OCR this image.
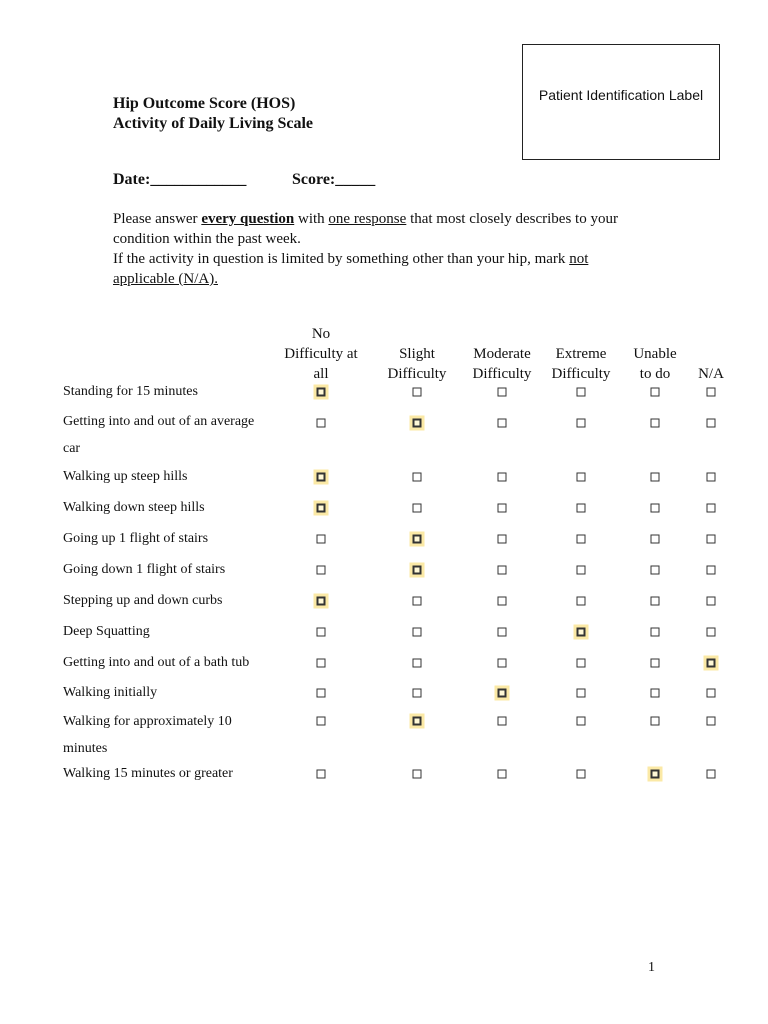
Patient Identification Label
Hip Outcome Score (HOS)
Activity of Daily Living Scale
Date:____________	Score:_____
Please answer every question with one response that most closely describes to your condition within the past week.
If the activity in question is limited by something other than your hip, mark not applicable (N/A).
No
Difficulty at
all
Slight
Difficulty
Moderate
Difficulty
Extreme
Difficulty
Unable
to do	N/A
Standing for 15 minutes
Getting into and out of an average car
Walking up steep hills
Walking down steep hills
Going up 1 flight of stairs
Going down 1 flight of stairs
Stepping up and down curbs
Deep Squatting
Getting into and out of a bath tub
Walking initially
Walking for approximately 10 minutes
Walking 15 minutes or greater
1
